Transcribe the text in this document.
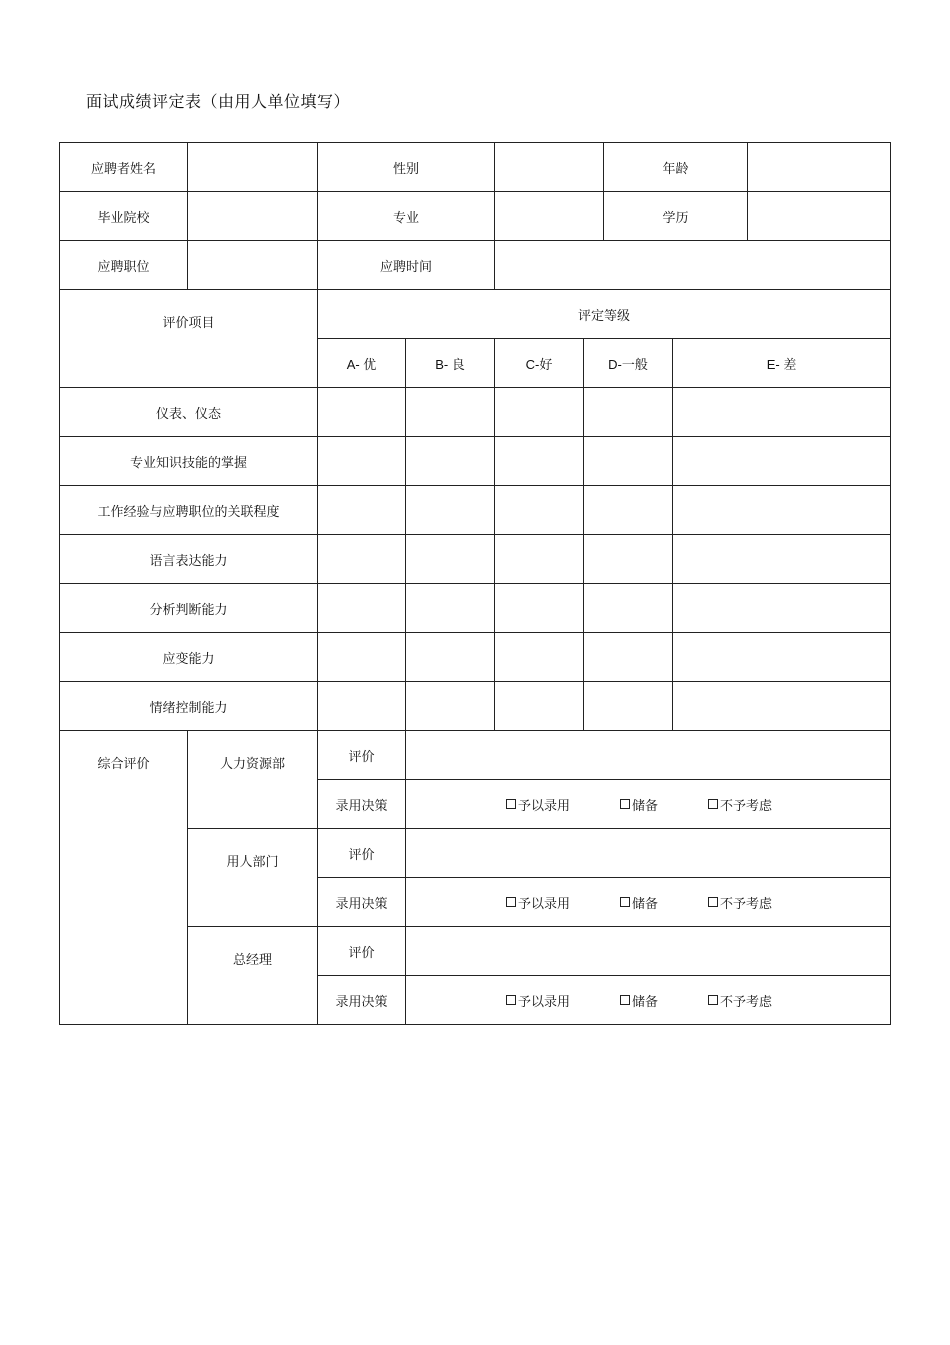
面试成绩评定表（由用人单位填写）
应聘者姓名		性别				年龄		
毕业院校		专业				学历		
应聘职位		应聘时间						
评价项目		评定等级						
		A- 优	B- 良	C-好	D-一般		E- 差	
仪表、仪态								
专业知识技能的掌握								
工作经验与应聘职位的关联程度								
语言表达能力								
分析判断能力								
应变能力								
情绪控制能力								
综合评价	人力资源部	评价						
		录用决策	予以录用 储备 不予考虑					

	用人部门	评价						
		录用决策	予以录用 储备 不予考虑					

	总经理	评价						
		录用决策	予以录用 储备 不予考虑					
